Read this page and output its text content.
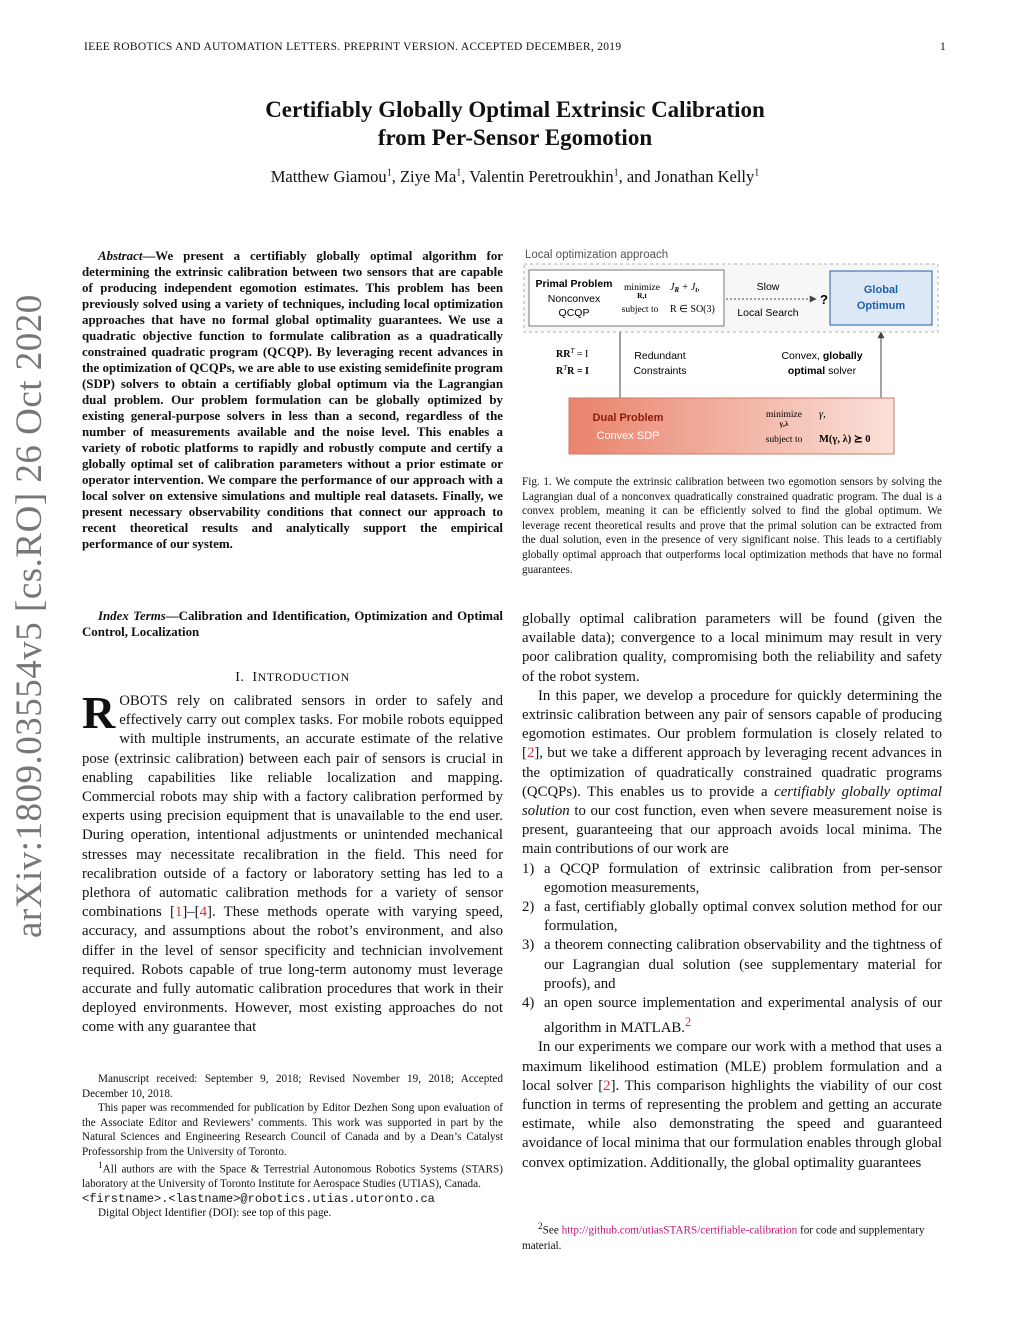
IEEE ROBOTICS AND AUTOMATION LETTERS. PREPRINT VERSION. ACCEPTED DECEMBER, 2019	1
Certifiably Globally Optimal Extrinsic Calibration
from Per-Sensor Egomotion
Matthew Giamou$^1$, Ziye Ma$^1$, Valentin Peretroukhin$^1$, and Jonathan Kelly$^1$
arXiv:1809.03554v5 [cs.RO] 26 Oct 2020
Abstract—We present a certifiably globally optimal algorithm for determining the extrinsic calibration between two sensors that are capable of producing independent egomotion estimates. This problem has been previously solved using a variety of techniques, including local optimization approaches that have no formal global optimality guarantees. We use a quadratic objective function to formulate calibration as a quadratically constrained quadratic program (QCQP). By leveraging recent advances in the optimization of QCQPs, we are able to use existing semidefinite program (SDP) solvers to obtain a certifiably global optimum via the Lagrangian dual problem. Our problem formulation can be globally optimized by existing general-purpose solvers in less than a second, regardless of the number of measurements available and the noise level. This enables a variety of robotic platforms to rapidly and robustly compute and certify a globally optimal set of calibration parameters without a prior estimate or operator intervention. We compare the performance of our approach with a local solver on extensive simulations and multiple real datasets. Finally, we present necessary observability conditions that connect our approach to recent theoretical results and analytically support the empirical performance of our system.
Index Terms—Calibration and Identification, Optimization and Optimal Control, Localization
I. INTRODUCTION
ROBOTS rely on calibrated sensors in order to safely and effectively carry out complex tasks. For mobile robots equipped with multiple instruments, an accurate estimate of the relative pose (extrinsic calibration) between each pair of sensors is crucial in enabling capabilities like reliable localization and mapping. Commercial robots may ship with a factory calibration performed by experts using precision equipment that is unavailable to the end user. During operation, intentional adjustments or unintended mechanical stresses may necessitate recalibration in the field. This need for recalibration outside of a factory or laboratory setting has led to a plethora of automatic calibration methods for a variety of sensor combinations [1]–[4]. These methods operate with varying speed, accuracy, and assumptions about the robot’s environment, and also differ in the level of sensor specificity and technician involvement required. Robots capable of true long-term autonomy must leverage accurate and fully automatic calibration procedures that work in their deployed environments. However, most existing approaches do not come with any guarantee that

Manuscript received: September 9, 2018; Revised November 19, 2018; Accepted December 10, 2018.

This paper was recommended for publication by Editor Dezhen Song upon evaluation of the Associate Editor and Reviewers’ comments. This work was supported in part by the Natural Sciences and Engineering Research Council of Canada and by a Dean’s Catalyst Professorship from the University of Toronto.

$^1$All authors are with the Space & Terrestrial Autonomous Robotics Systems (STARS) laboratory at the University of Toronto Institute for Aerospace Studies (UTIAS), Canada.

<firstname>.<lastname>@robotics.utias.utoronto.ca

Digital Object Identifier (DOI): see top of this page.

Local optimization approach
Primal Problem
Nonconvex
QCQP
minimize
R,t
$J_R + J_t$,
subject to R ∈ SO(3)
Slow
Local Search
?
Global
Optimum
$RR^T = I$
$R^TR = I$
Redundant
Constraints
Convex, globally
optimal solver
Dual Problem
Convex SDP
minimize
γ,λ
γ,
subject to M(γ, λ) ⪰ 0
Fig. 1. We compute the extrinsic calibration between two egomotion sensors by solving the Lagrangian dual of a nonconvex quadratically constrained quadratic program. The dual is a convex problem, meaning it can be efficiently solved to find the global optimum. We leverage recent theoretical results and prove that the primal solution can be extracted from the dual solution, even in the presence of very significant noise. This leads to a certifiably globally optimal approach that outperforms local optimization methods that have no formal guarantees.

globally optimal calibration parameters will be found (given the available data); convergence to a local minimum may result in very poor calibration quality, compromising both the reliability and safety of the robot system.

In this paper, we develop a procedure for quickly determining the extrinsic calibration between any pair of sensors capable of producing egomotion estimates. Our problem formulation is closely related to [2], but we take a different approach by leveraging recent advances in the optimization of quadratically constrained quadratic programs (QCQPs). This enables us to provide a certifiably globally optimal solution to our cost function, even when severe measurement noise is present, guaranteeing that our approach avoids local minima. The main contributions of our work are

1) a QCQP formulation of extrinsic calibration from per-sensor egomotion measurements,
2) a fast, certifiably globally optimal convex solution method for our formulation,
3) a theorem connecting calibration observability and the tightness of our Lagrangian dual solution (see supplementary material for proofs), and
4) an open source implementation and experimental analysis of our algorithm in MATLAB.$^2$

In our experiments we compare our work with a method that uses a maximum likelihood estimation (MLE) problem formulation and a local solver [2]. This comparison highlights the viability of our cost function in terms of representing the problem and getting an accurate estimate, while also demonstrating the speed and guaranteed avoidance of local minima that our formulation enables through global convex optimization. Additionally, the global optimality guarantees

$^2$See http://github.com/utiasSTARS/certifiable-calibration for code and supplementary material.
